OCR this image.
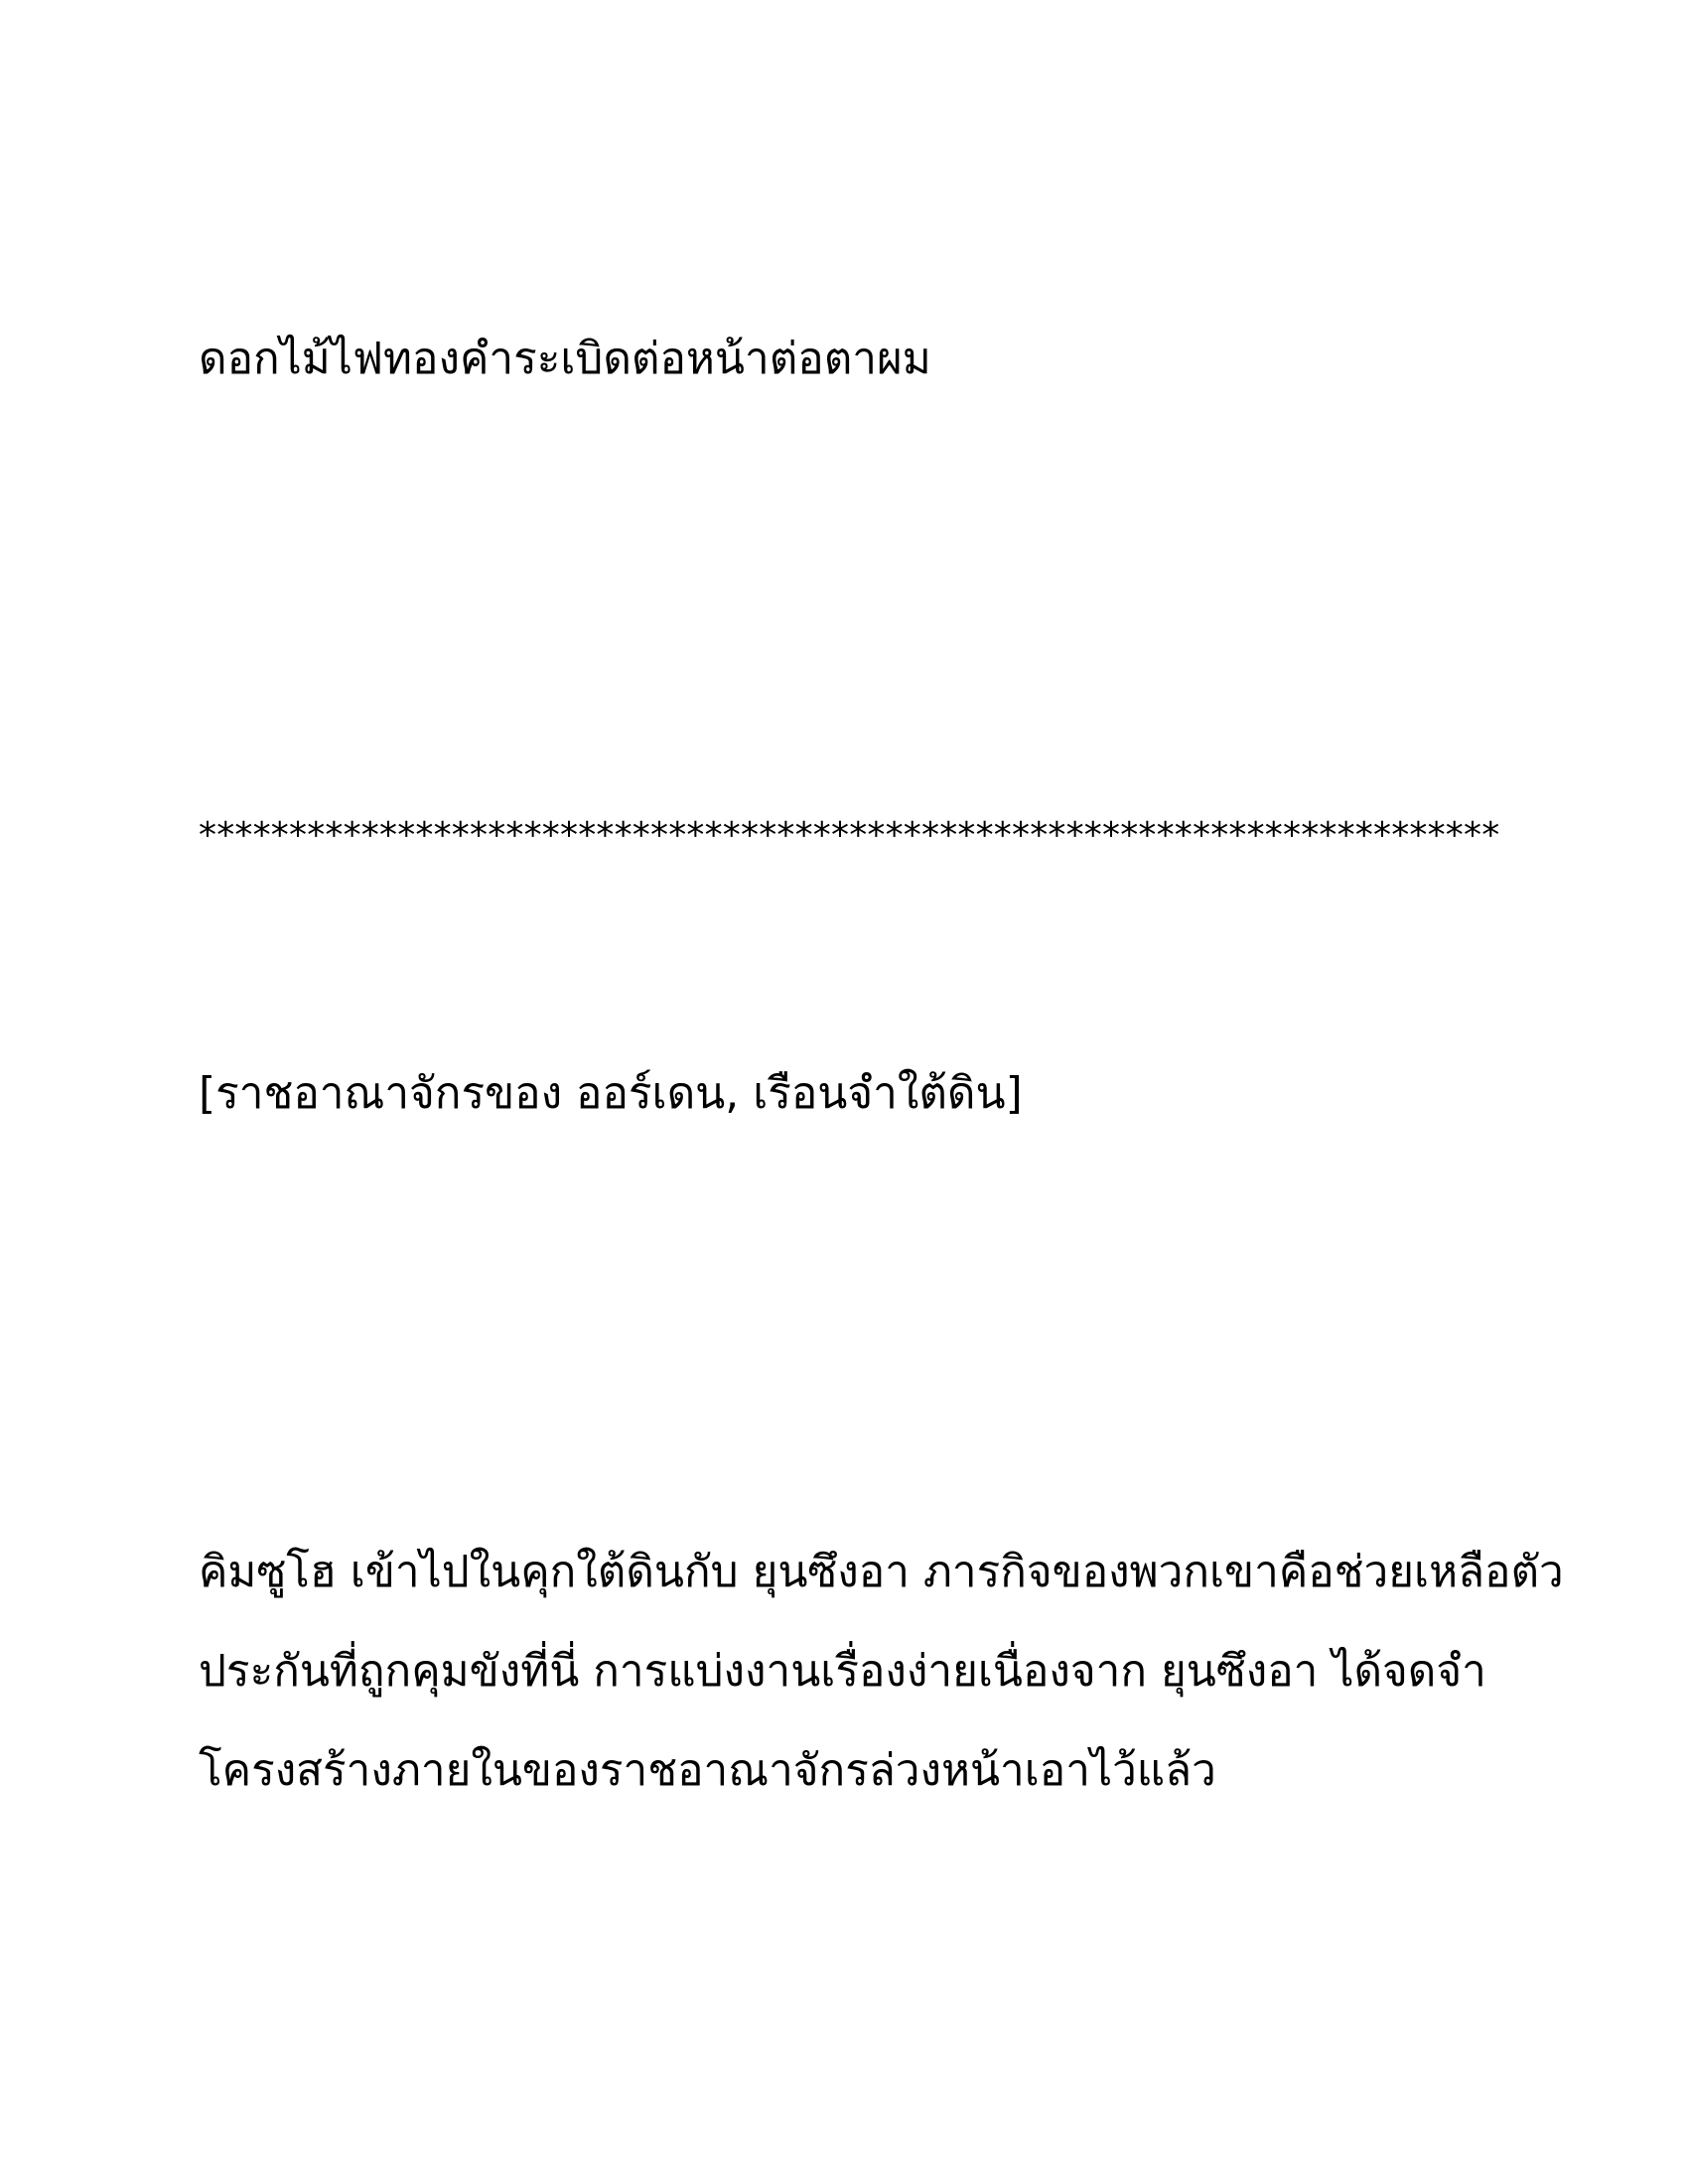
ดอกไม้ไฟทองคำระเบิดต่อหน้าต่อตาผม
************************************************************************
[ราชอาณาจักรของ ออร์เดน, เรือนจำใต้ดิน]
คิมซูโฮ เข้าไปในคุกใต้ดินกับ ยุนซึงอา ภารกิจของพวกเขาคือช่วยเหลือตัว
ประกันที่ถูกคุมขังที่นี่ การแบ่งงานเรื่องง่ายเนื่องจาก ยุนซึงอา ได้จดจำ
โครงสร้างภายในของราชอาณาจักรล่วงหน้าเอาไว้แล้ว
